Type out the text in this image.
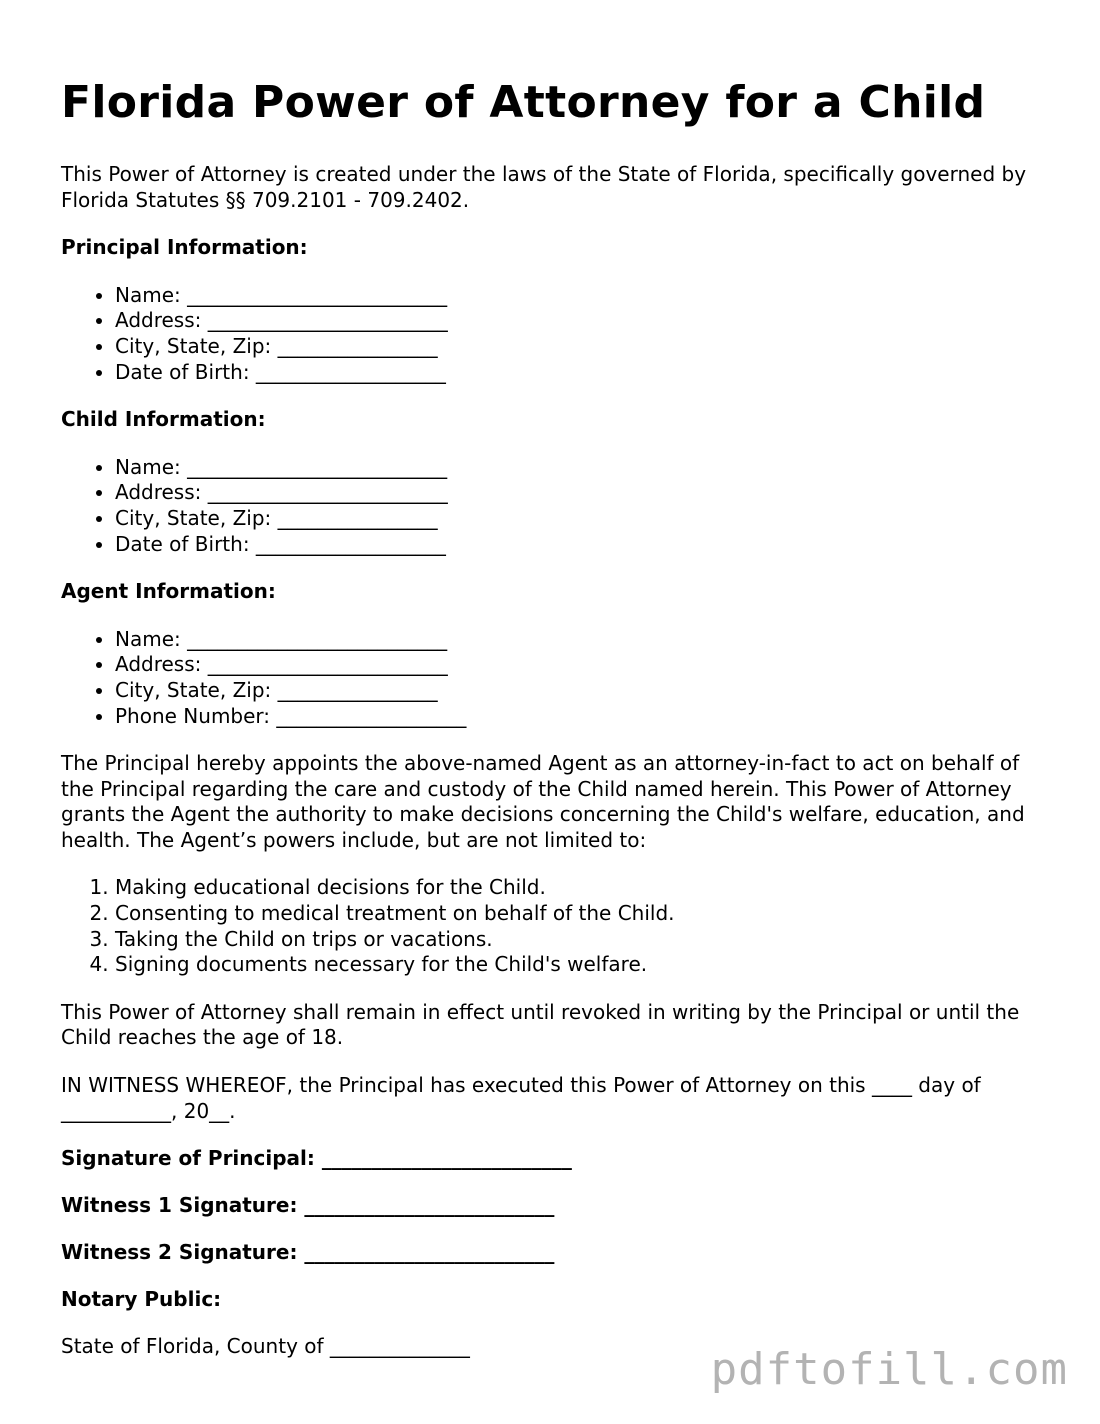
Florida Power of Attorney for a Child

This Power of Attorney is created under the laws of the State of Florida, specifically governed by Florida Statutes §§ 709.2101 - 709.2402.

Principal Information:

• Name: __________________________
• Address: ________________________
• City, State, Zip: ________________
• Date of Birth: ___________________

Child Information:

• Name: __________________________
• Address: ________________________
• City, State, Zip: ________________
• Date of Birth: ___________________

Agent Information:

• Name: __________________________
• Address: ________________________
• City, State, Zip: ________________
• Phone Number: ___________________

The Principal hereby appoints the above-named Agent as an attorney-in-fact to act on behalf of the Principal regarding the care and custody of the Child named herein. This Power of Attorney grants the Agent the authority to make decisions concerning the Child's welfare, education, and health. The Agent’s powers include, but are not limited to:

1. Making educational decisions for the Child.
2. Consenting to medical treatment on behalf of the Child.
3. Taking the Child on trips or vacations.
4. Signing documents necessary for the Child's welfare.

This Power of Attorney shall remain in effect until revoked in writing by the Principal or until the Child reaches the age of 18.

IN WITNESS WHEREOF, the Principal has executed this Power of Attorney on this ____ day of ___________, 20__.

Signature of Principal: _________________________

Witness 1 Signature: _________________________

Witness 2 Signature: _________________________

Notary Public:

State of Florida, County of ______________	pdftofill.com
